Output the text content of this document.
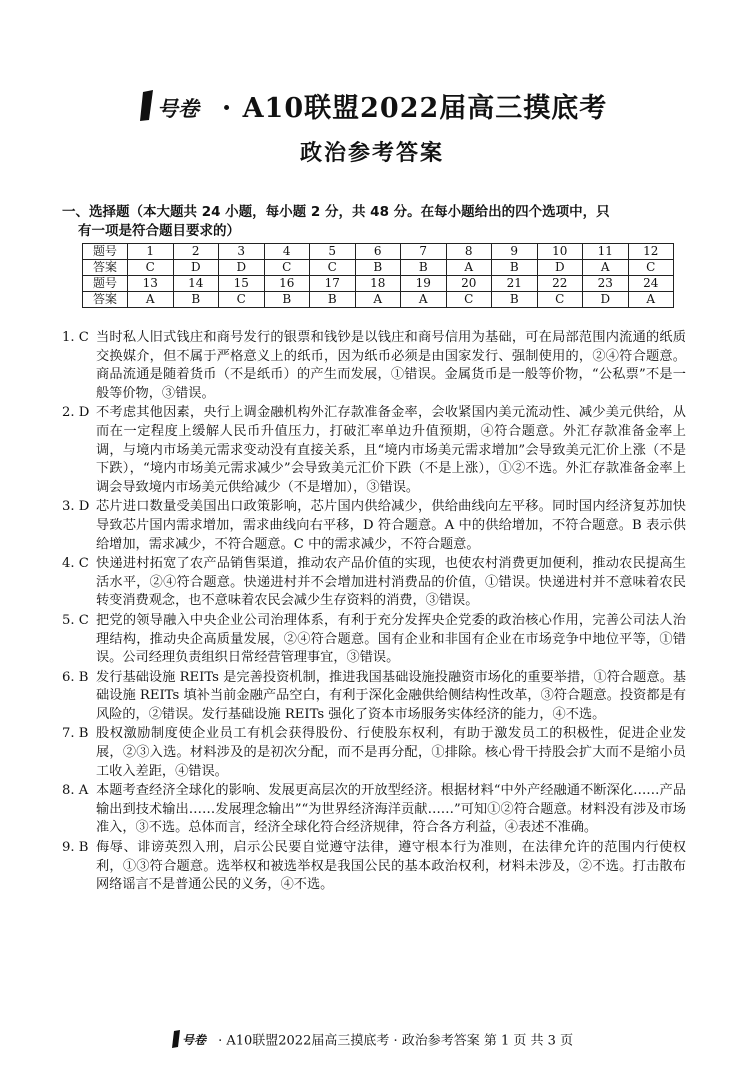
号卷 · A10联盟2022届高三摸底考
政治参考答案
一、选择题（本大题共 24 小题，每小题 2 分，共 48 分。在每小题给出的四个选项中，只
有一项是符合题目要求的）
题号	1	2	3	4	5	6	7	8	9	10	11	12
答案	C	D	D	C	C	B	B	A	B	D	A	C
题号	13	14	15	16	17	18	19	20	21	22	23	24
答案	A	B	C	B	B	A	A	C	B	C	D	A
1. C 当时私人旧式钱庄和商号发行的银票和钱钞是以钱庄和商号信用为基础，可在局部范围内流通的纸质交换媒介，但不属于严格意义上的纸币，因为纸币必须是由国家发行、强制使用的，②④符合题意。商品流通是随着货币（不是纸币）的产生而发展，①错误。金属货币是一般等价物，“公私票”不是一般等价物，③错误。
2. D 不考虑其他因素，央行上调金融机构外汇存款准备金率，会收紧国内美元流动性、减少美元供给，从而在一定程度上缓解人民币升值压力，打破汇率单边升值预期，④符合题意。外汇存款准备金率上调，与境内市场美元需求变动没有直接关系，且“境内市场美元需求增加”会导致美元汇价上涨（不是下跌），“境内市场美元需求减少”会导致美元汇价下跌（不是上涨），①②不选。外汇存款准备金率上调会导致境内市场美元供给减少（不是增加），③错误。
3. D 芯片进口数量受美国出口政策影响，芯片国内供给减少，供给曲线向左平移。同时国内经济复苏加快导致芯片国内需求增加，需求曲线向右平移，D 符合题意。A 中的供给增加，不符合题意。B 表示供给增加，需求减少，不符合题意。C 中的需求减少，不符合题意。
4. C 快递进村拓宽了农产品销售渠道，推动农产品价值的实现，也使农村消费更加便利，推动农民提高生活水平，②④符合题意。快递进村并不会增加进村消费品的价值，①错误。快递进村并不意味着农民转变消费观念，也不意味着农民会减少生存资料的消费，③错误。
5. C 把党的领导融入中央企业公司治理体系，有利于充分发挥央企党委的政治核心作用，完善公司法人治理结构，推动央企高质量发展，②④符合题意。国有企业和非国有企业在市场竞争中地位平等，①错误。公司经理负责组织日常经营管理事宜，③错误。
6. B 发行基础设施 REITs 是完善投资机制，推进我国基础设施投融资市场化的重要举措，①符合题意。基础设施 REITs 填补当前金融产品空白，有利于深化金融供给侧结构性改革，③符合题意。投资都是有风险的，②错误。发行基础设施 REITs 强化了资本市场服务实体经济的能力，④不选。
7. B 股权激励制度使企业员工有机会获得股份、行使股东权利，有助于激发员工的积极性，促进企业发展，②③入选。材料涉及的是初次分配，而不是再分配，①排除。核心骨干持股会扩大而不是缩小员工收入差距，④错误。
8. A 本题考查经济全球化的影响、发展更高层次的开放型经济。根据材料“中外产经融通不断深化……产品输出到技术输出……发展理念输出”“为世界经济海洋贡献……”可知①②符合题意。材料没有涉及市场准入，③不选。总体而言，经济全球化符合经济规律，符合各方利益，④表述不准确。
9. B 侮辱、诽谤英烈入刑，启示公民要自觉遵守法律，遵守根本行为准则，在法律允许的范围内行使权利，①③符合题意。选举权和被选举权是我国公民的基本政治权利，材料未涉及，②不选。打击散布网络谣言不是普通公民的义务，④不选。
号卷 · A10联盟2022届高三摸底考 · 政治参考答案 第 1 页 共 3 页
